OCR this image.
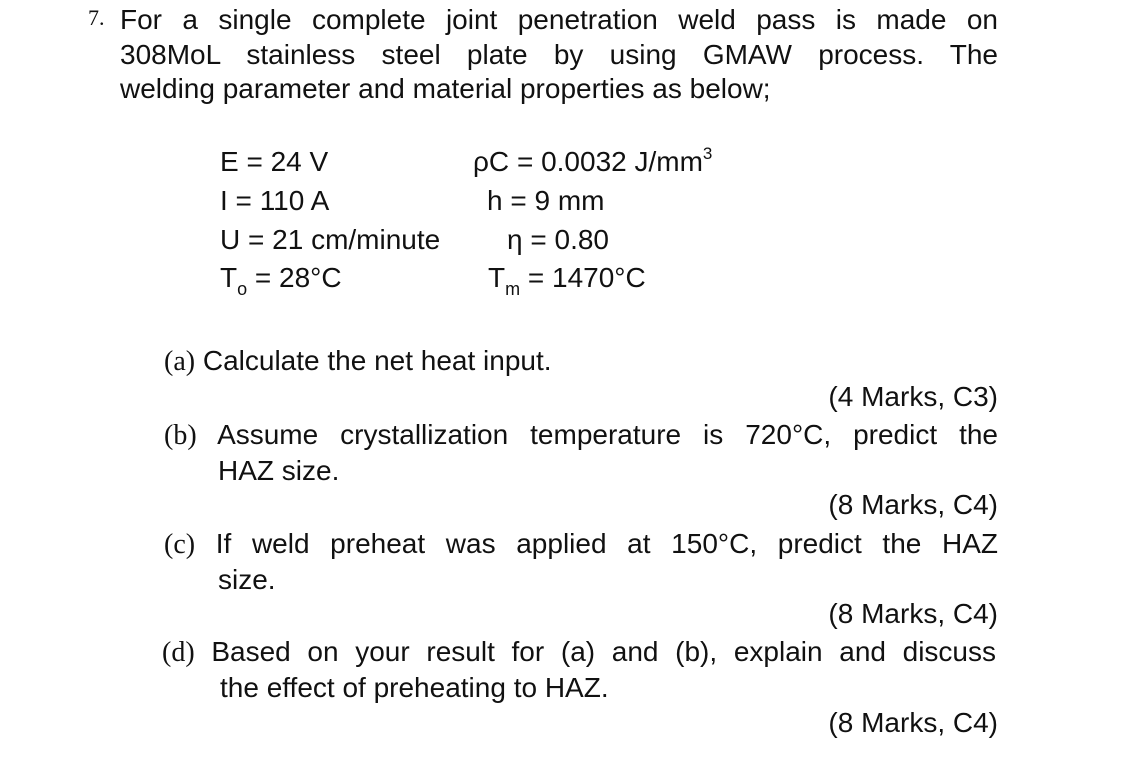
7. For a single complete joint penetration weld pass is made on
308MoL stainless steel plate by using GMAW process. The
welding parameter and material properties as below;
E = 24 V
I = 110 A
U = 21 cm/minute
$T_o = 28^\circ C$
ρC = 0.0032 $J/mm^3$
h = 9 mm
η = 0.80
$T_m = 1470^\circ C$
(a) Calculate the net heat input.
(4 Marks, C3)
(b) Assume crystallization temperature is 720°C, predict the
HAZ size.
(8 Marks, C4)
(c) If weld preheat was applied at 150°C, predict the HAZ
size.
(8 Marks, C4)
(d) Based on your result for (a) and (b), explain and discuss
the effect of preheating to HAZ.
(8 Marks, C4)
